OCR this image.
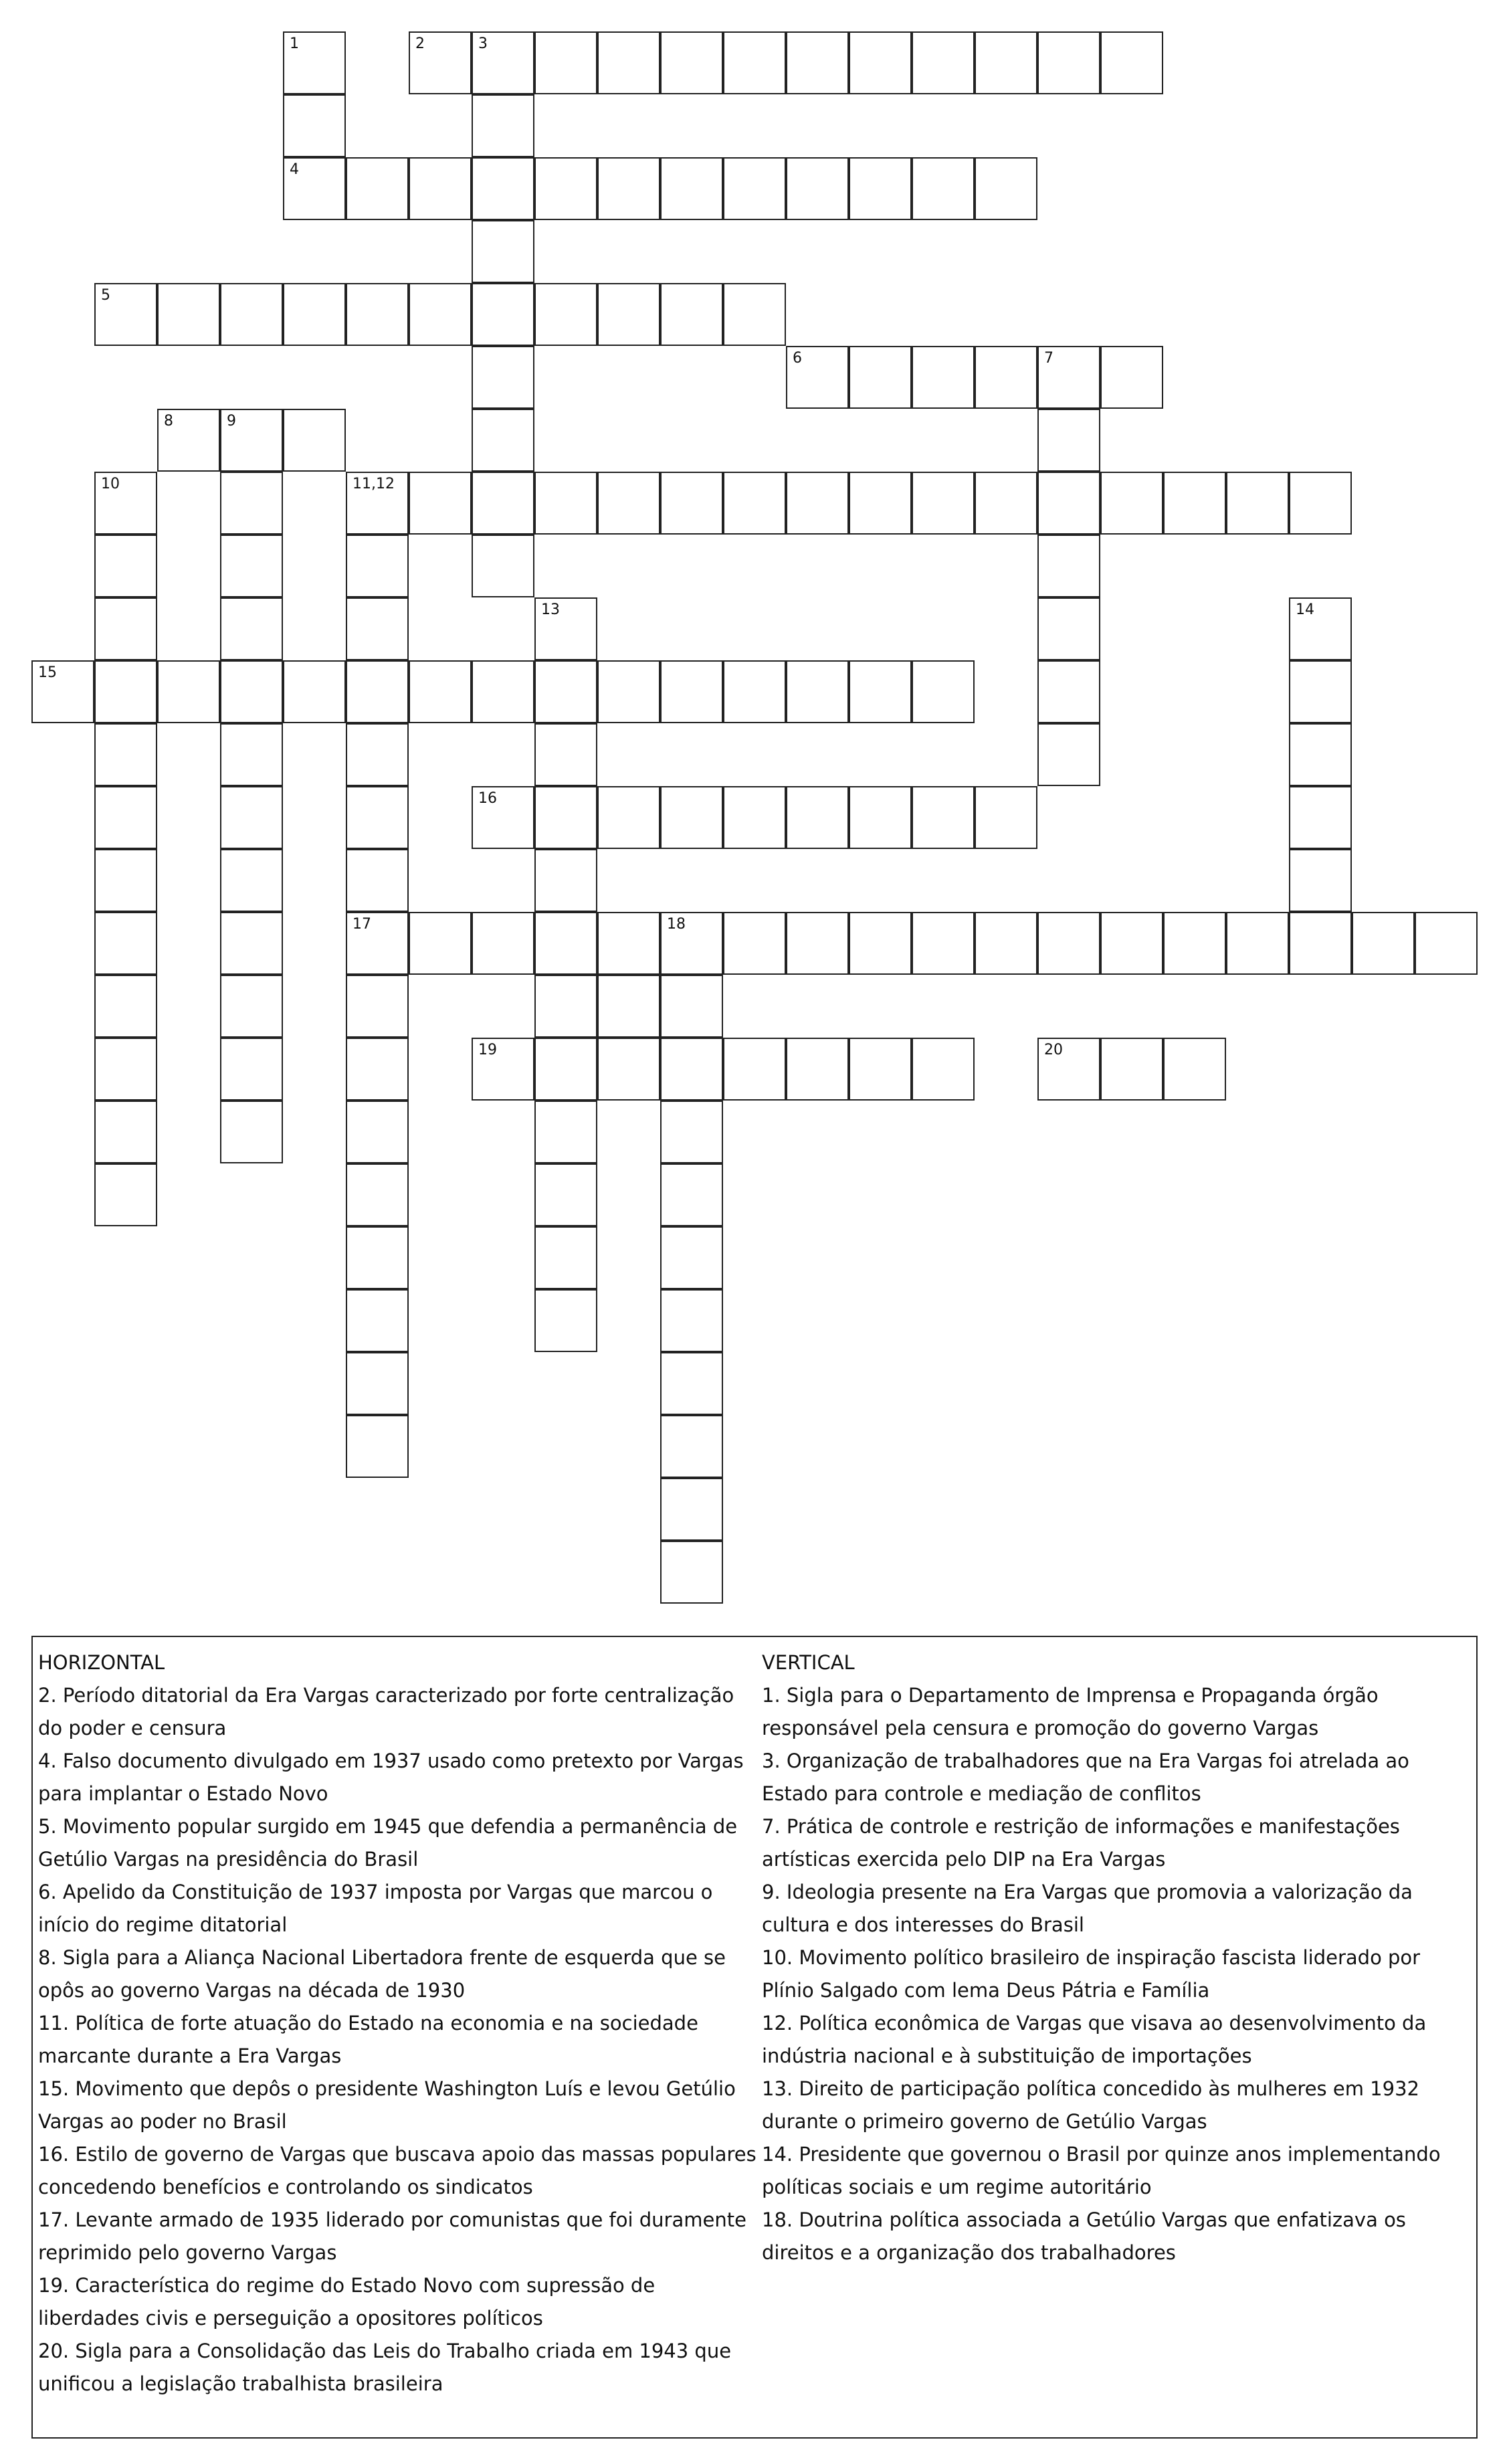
1	2	3
4
5
6	7
8	9
10	11,12
13	14
15
16
17	18
19	20
HORIZONTAL
2. Período ditatorial da Era Vargas caracterizado por forte centralização do poder e censura
4. Falso documento divulgado em 1937 usado como pretexto por Vargas para implantar o Estado Novo
5. Movimento popular surgido em 1945 que defendia a permanência de Getúlio Vargas na presidência do Brasil
6. Apelido da Constituição de 1937 imposta por Vargas que marcou o início do regime ditatorial
8. Sigla para a Aliança Nacional Libertadora frente de esquerda que se opôs ao governo Vargas na década de 1930
11. Política de forte atuação do Estado na economia e na sociedade marcante durante a Era Vargas
15. Movimento que depôs o presidente Washington Luís e levou Getúlio Vargas ao poder no Brasil
16. Estilo de governo de Vargas que buscava apoio das massas populares concedendo benefícios e controlando os sindicatos
17. Levante armado de 1935 liderado por comunistas que foi duramente reprimido pelo governo Vargas
19. Característica do regime do Estado Novo com supressão de liberdades civis e perseguição a opositores políticos
20. Sigla para a Consolidação das Leis do Trabalho criada em 1943 que unificou a legislação trabalhista brasileira
VERTICAL
1. Sigla para o Departamento de Imprensa e Propaganda órgão responsável pela censura e promoção do governo Vargas
3. Organização de trabalhadores que na Era Vargas foi atrelada ao Estado para controle e mediação de conflitos
7. Prática de controle e restrição de informações e manifestações artísticas exercida pelo DIP na Era Vargas
9. Ideologia presente na Era Vargas que promovia a valorização da cultura e dos interesses do Brasil
10. Movimento político brasileiro de inspiração fascista liderado por Plínio Salgado com lema Deus Pátria e Família
12. Política econômica de Vargas que visava ao desenvolvimento da indústria nacional e à substituição de importações
13. Direito de participação política concedido às mulheres em 1932 durante o primeiro governo de Getúlio Vargas
14. Presidente que governou o Brasil por quinze anos implementando políticas sociais e um regime autoritário
18. Doutrina política associada a Getúlio Vargas que enfatizava os direitos e a organização dos trabalhadores
